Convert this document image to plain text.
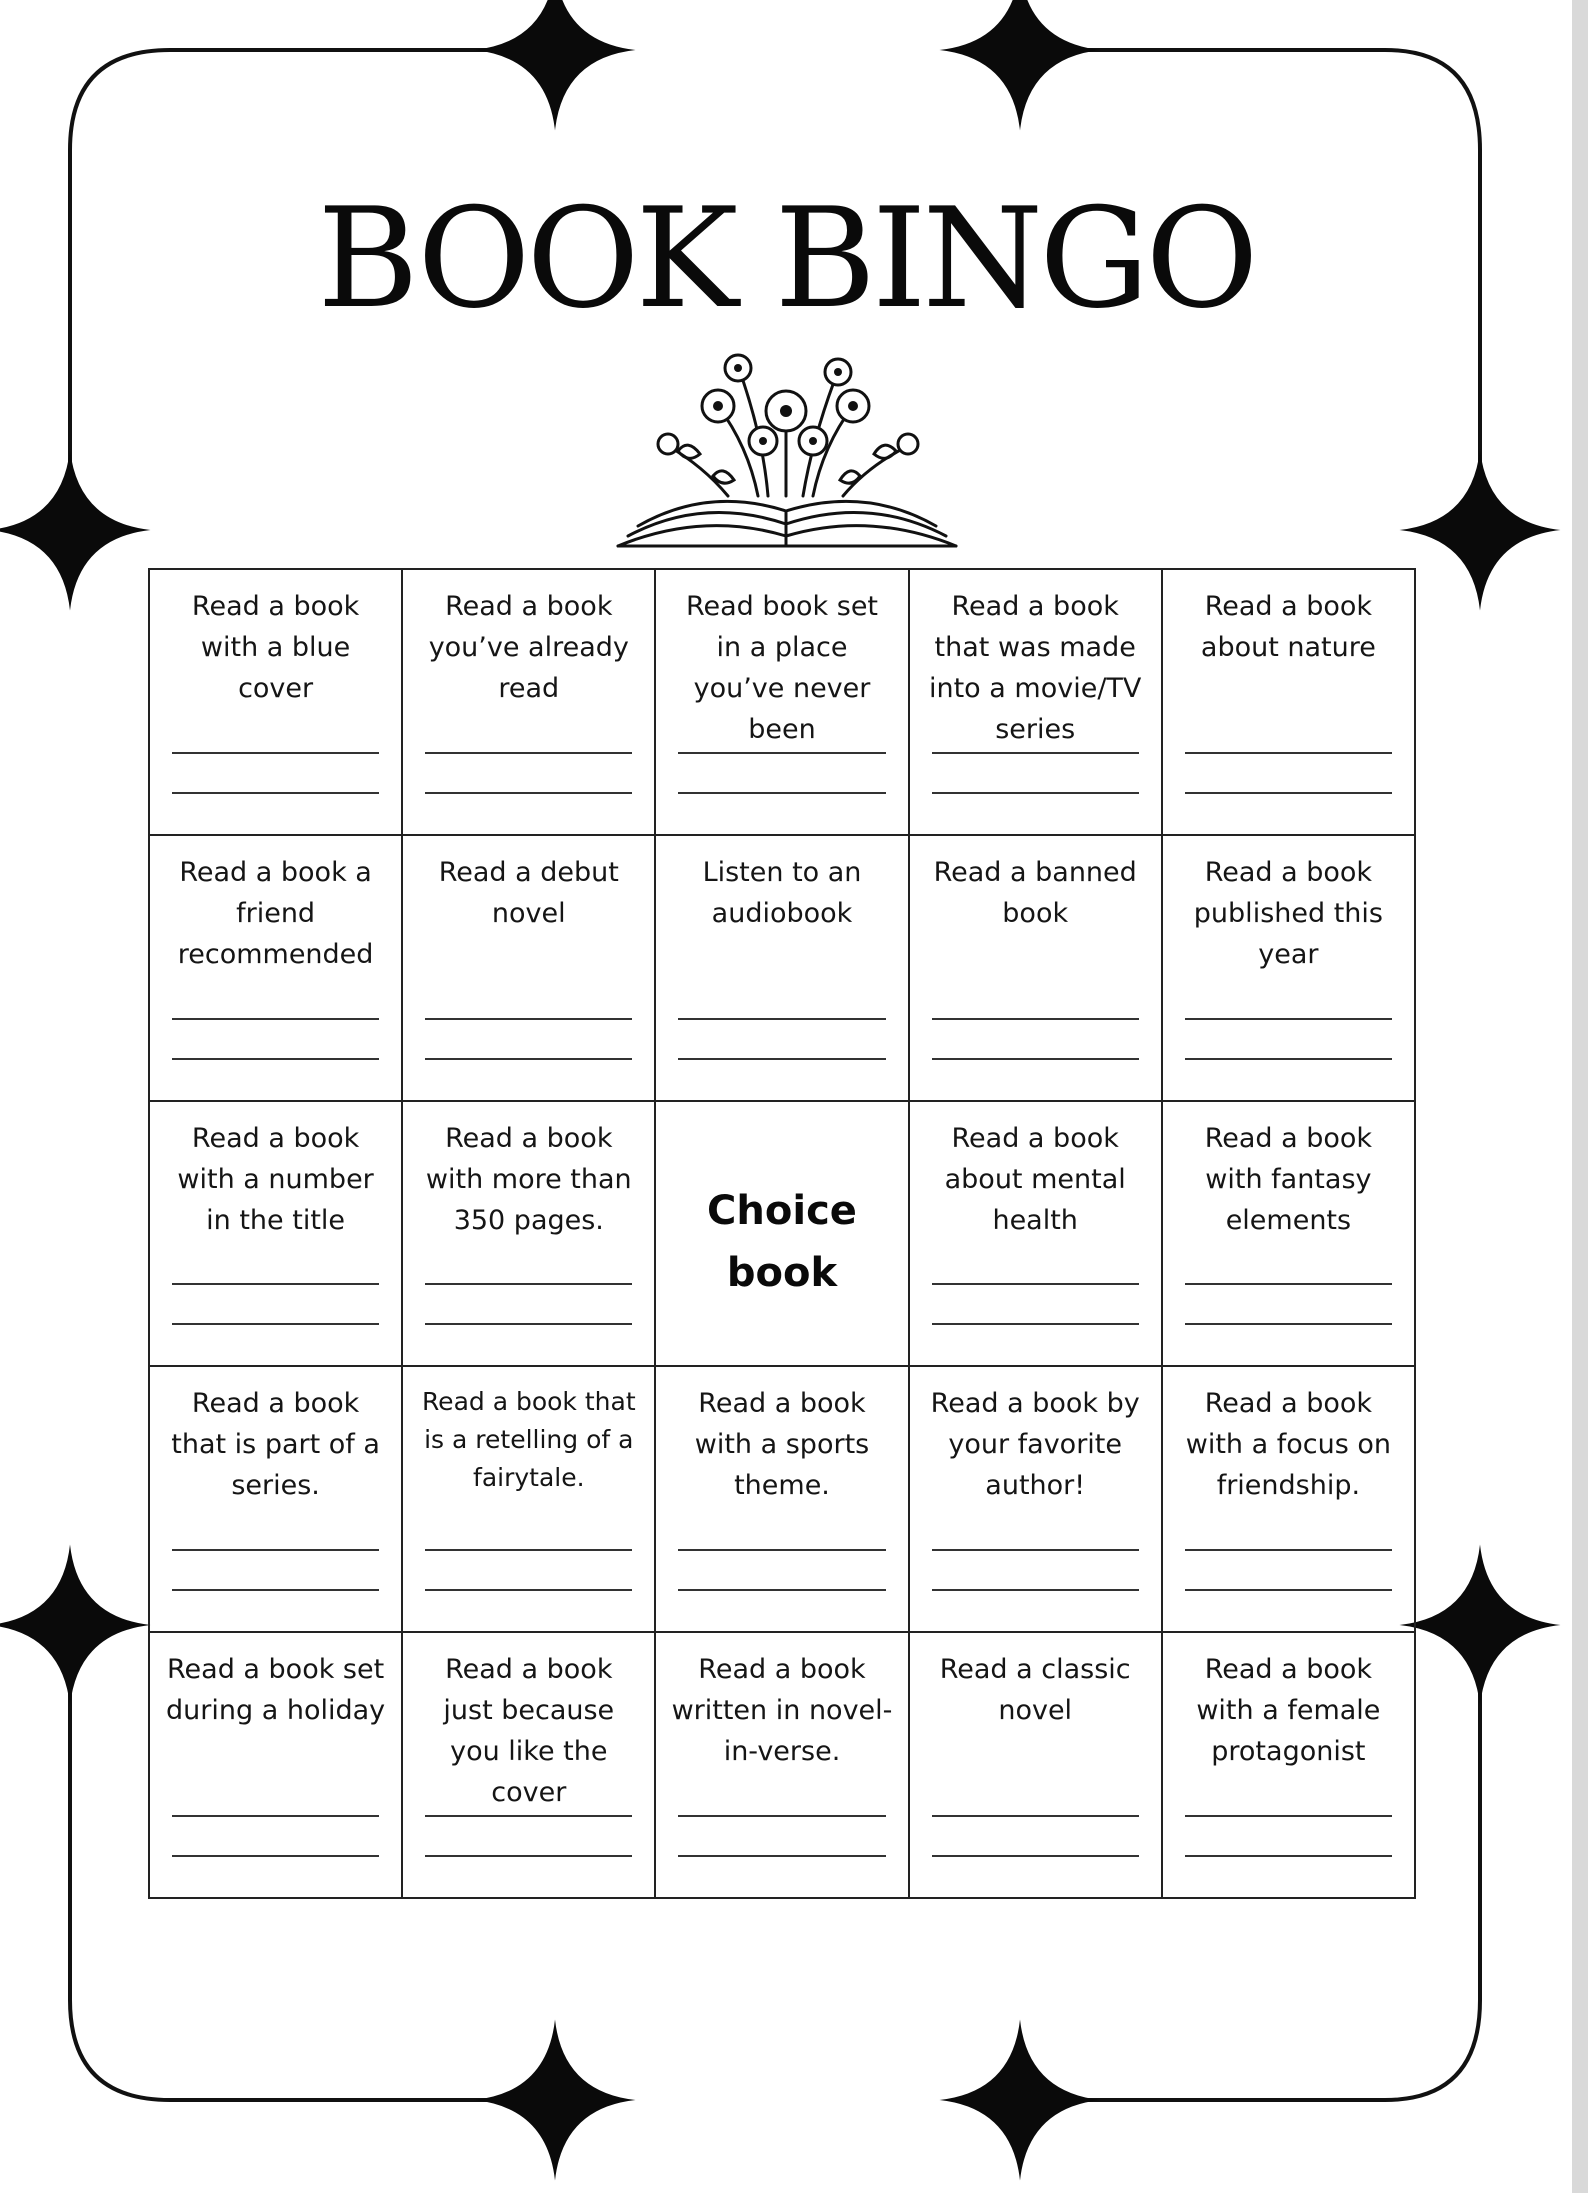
BOOK BINGO
Read a book with a blue cover
Read a book you’ve already read
Read book set in a place you’ve never been
Read a book that was made into a movie/TV series
Read a book about nature
Read a book a friend recommended
Read a debut novel
Listen to an audiobook
Read a banned book
Read a book published this year
Read a book with a number in the title
Read a book with more than 350 pages.	Choice book
Read a book about mental health
Read a book with fantasy elements
Read a book that is part of a series.
Read a book that is a retelling of a fairytale.
Read a book with a sports theme.
Read a book by your favorite author!
Read a book with a focus on friendship.
Read a book set during a holiday
Read a book just because you like the cover
Read a book written in novel-in-verse.
Read a classic novel
Read a book with a female protagonist
